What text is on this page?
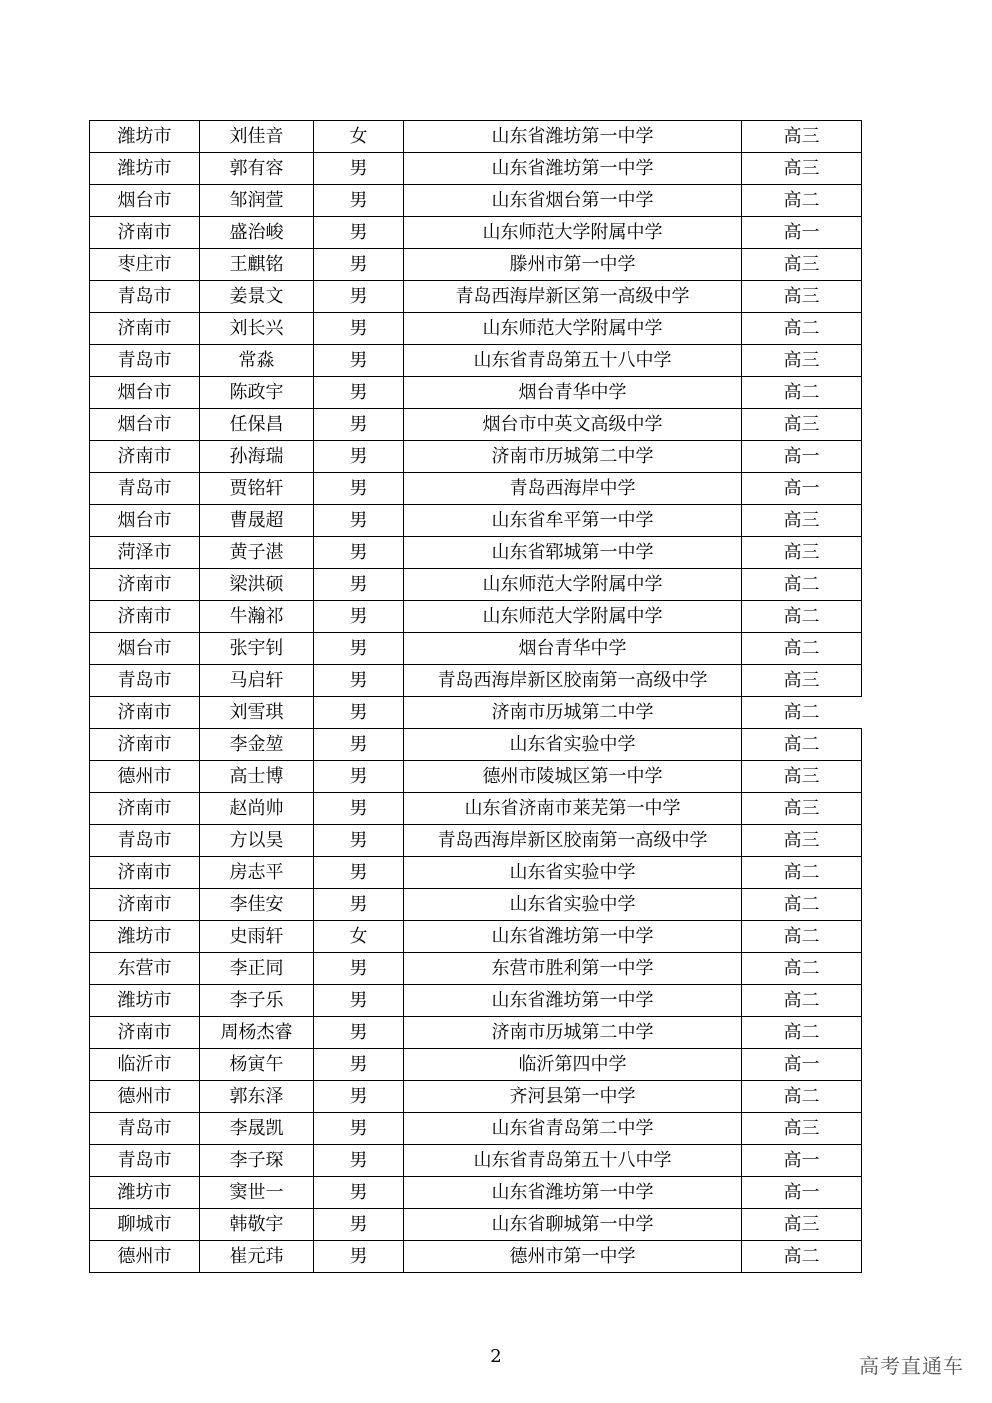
潍坊市	刘佳音	女	山东省潍坊第一中学	高三
潍坊市	郭有容	男	山东省潍坊第一中学	高三
烟台市	邹润萱	男	山东省烟台第一中学	高二
济南市	盛治峻	男	山东师范大学附属中学	高一
枣庄市	王麒铭	男	滕州市第一中学	高三
青岛市	姜景文	男	青岛西海岸新区第一高级中学	高三
济南市	刘长兴	男	山东师范大学附属中学	高二
青岛市	常淼	男	山东省青岛第五十八中学	高三
烟台市	陈政宇	男	烟台青华中学	高二
烟台市	任保昌	男	烟台市中英文高级中学	高三
济南市	孙海瑞	男	济南市历城第二中学	高一
青岛市	贾铭轩	男	青岛西海岸中学	高一
烟台市	曹晟超	男	山东省牟平第一中学	高三
菏泽市	黄子湛	男	山东省郓城第一中学	高三
济南市	梁洪硕	男	山东师范大学附属中学	高二
济南市	牛瀚祁	男	山东师范大学附属中学	高二
烟台市	张宇钊	男	烟台青华中学	高二
青岛市	马启轩	男	青岛西海岸新区胶南第一高级中学	高三
济南市	刘雪琪	男	济南市历城第二中学	高二
济南市	李金堃	男	山东省实验中学	高二
德州市	高士博	男	德州市陵城区第一中学	高三
济南市	赵尚帅	男	山东省济南市莱芜第一中学	高三
青岛市	方以昊	男	青岛西海岸新区胶南第一高级中学	高三
济南市	房志平	男	山东省实验中学	高二
济南市	李佳安	男	山东省实验中学	高二
潍坊市	史雨轩	女	山东省潍坊第一中学	高二
东营市	李正同	男	东营市胜利第一中学	高二
潍坊市	李子乐	男	山东省潍坊第一中学	高二
济南市	周杨杰睿	男	济南市历城第二中学	高二
临沂市	杨寅午	男	临沂第四中学	高一
德州市	郭东泽	男	齐河县第一中学	高二
青岛市	李晟凯	男	山东省青岛第二中学	高三
青岛市	李子琛	男	山东省青岛第五十八中学	高一
潍坊市	窦世一	男	山东省潍坊第一中学	高一
聊城市	韩敬宇	男	山东省聊城第一中学	高三
德州市	崔元玮	男	德州市第一中学	高二
2	高考直通车
